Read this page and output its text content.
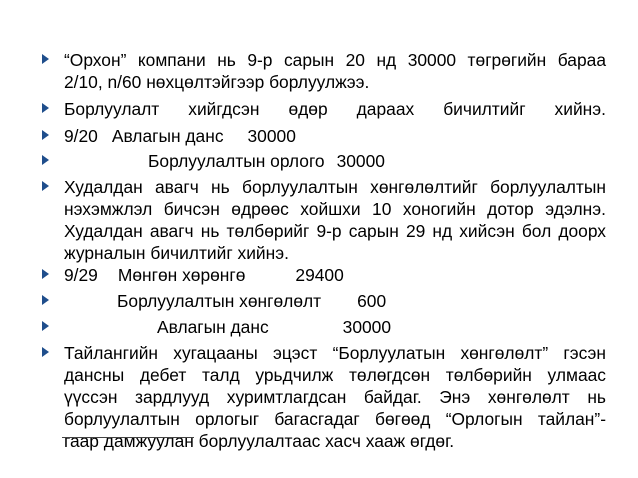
“Орхон” компани нь 9-р сарын 20 нд 30000 төгрөгийн бараа
2/10, n/60 нөхцөлтэйгээр борлуулжээ.
Борлуулалт хийгдсэн өдөр дараах бичилтийг хийнэ.
9/20 Авлагын данс 30000
Борлуулалтын орлого 30000
Худалдан авагч нь борлуулалтын хөнгөлөлтийг борлуулалтын
нэхэмжлэл бичсэн өдрөөс хойшхи 10 хоногийн дотор эдэлнэ.
Худалдан авагч нь төлбөрийг 9-р сарын 29 нд хийсэн бол доорх
журналын бичилтийг хийнэ.
9/29 Мөнгөн хөрөнгө	29400
Борлуулалтын хөнгөлөлт 600
Авлагын данс	30000
Тайлангийн хугацааны эцэст “Борлуулатын хөнгөлөлт” гэсэн
дансны дебет талд урьдчилж төлөгдсөн төлбөрийн улмаас
үүссэн зардлууд хуримтлагдсан байдаг. Энэ хөнгөлөлт нь
борлуулалтын орлогыг багасгадаг бөгөөд “Орлогын тайлан”-
гаар дамжуулан борлуулалтаас хасч хааж өгдөг.
